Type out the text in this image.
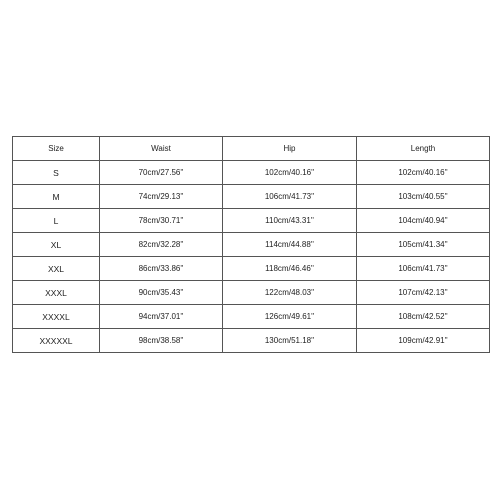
Size	Waist	Hip	Length
S	70cm/27.56''	102cm/40.16''	102cm/40.16''
M	74cm/29.13''	106cm/41.73''	103cm/40.55''
L	78cm/30.71''	110cm/43.31''	104cm/40.94''
XL	82cm/32.28''	114cm/44.88''	105cm/41.34''
XXL	86cm/33.86''	118cm/46.46''	106cm/41.73''
XXXL	90cm/35.43''	122cm/48.03''	107cm/42.13''
XXXXL	94cm/37.01''	126cm/49.61''	108cm/42.52''
XXXXXL	98cm/38.58''	130cm/51.18''	109cm/42.91''
